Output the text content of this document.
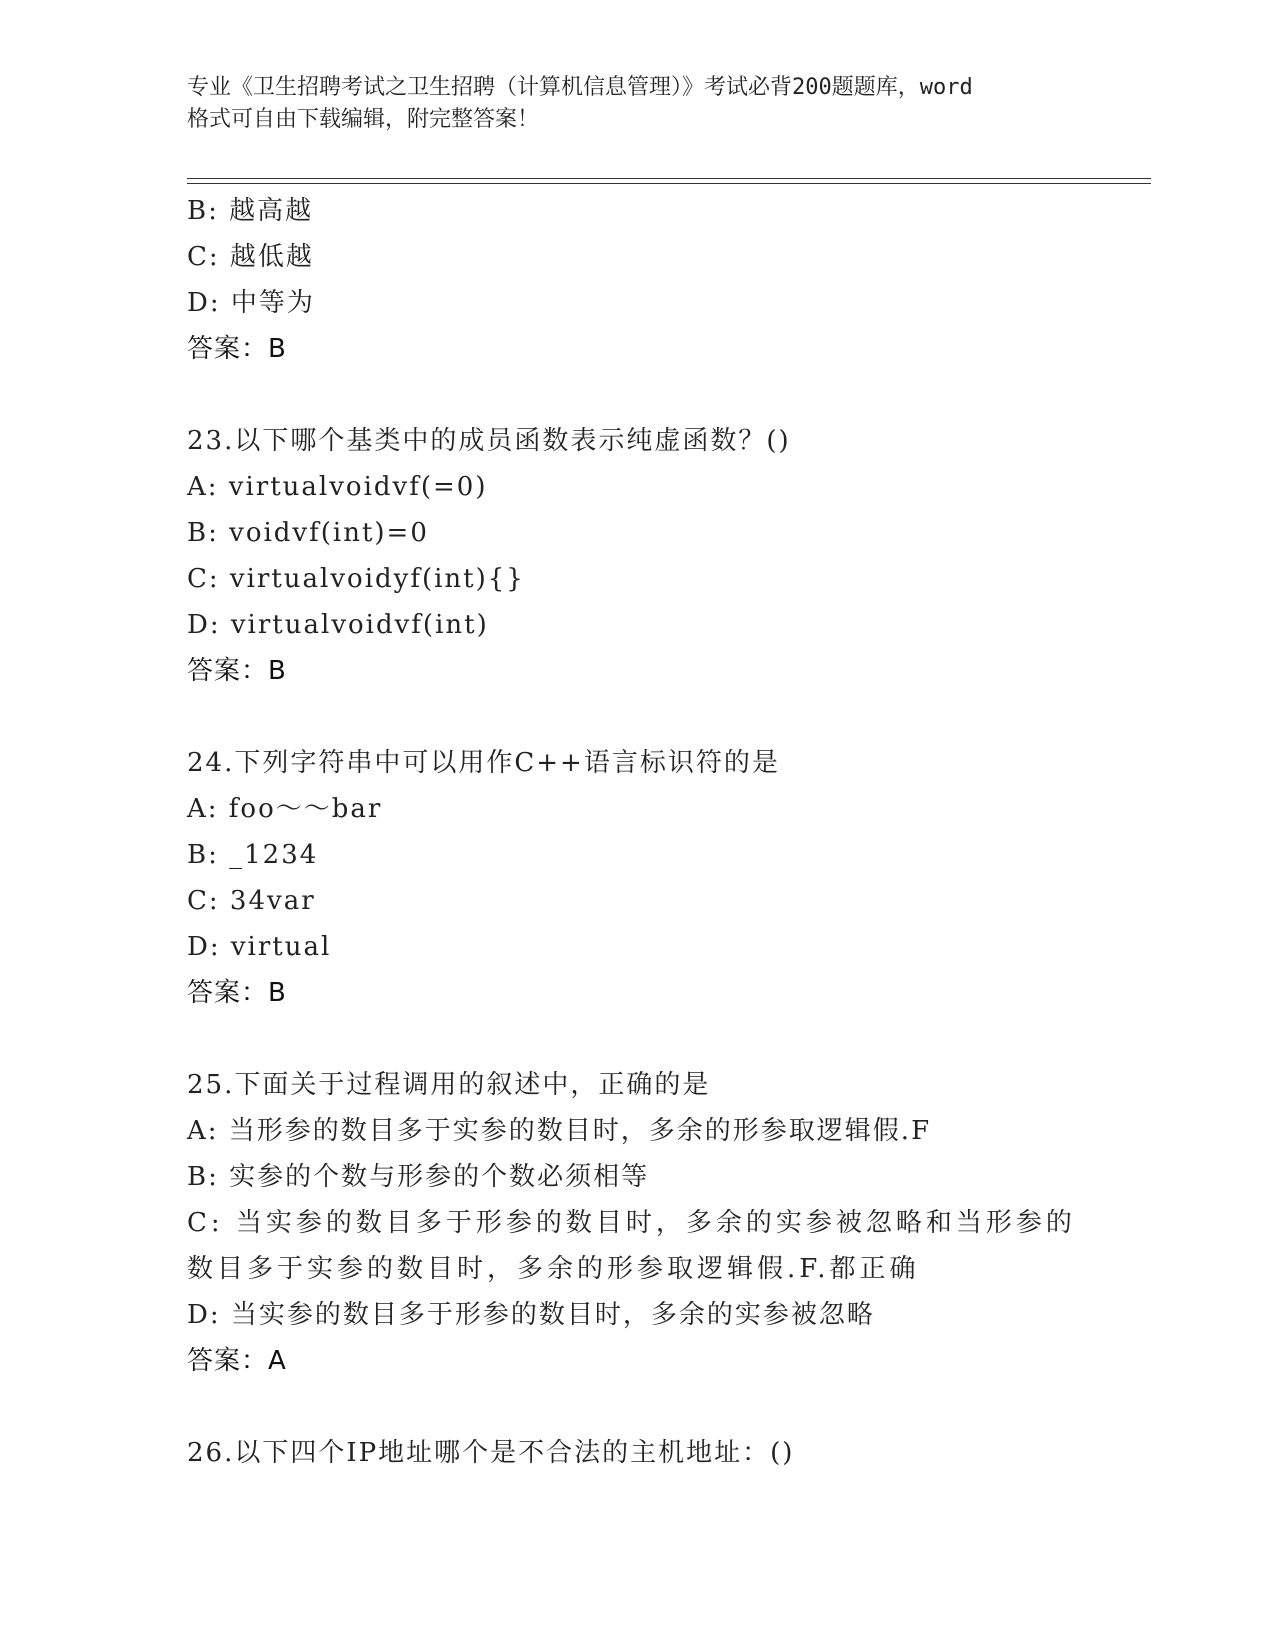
专业《卫生招聘考试之卫生招聘（计算机信息管理）》考试必背200题题库，word
格式可自由下载编辑，附完整答案！
B: 越高越
C: 越低越
D: 中等为
答案：B
23.以下哪个基类中的成员函数表示纯虚函数？()
A: virtualvoidvf(=0)
B: voidvf(int)=0
C: virtualvoidyf(int){}
D: virtualvoidvf(int)
答案：B
24.下列字符串中可以用作C++语言标识符的是
A: foo～～bar
B: _1234
C: 34var
D: virtual
答案：B
25.下面关于过程调用的叙述中，正确的是
A: 当形参的数目多于实参的数目时，多余的形参取逻辑假.F
B: 实参的个数与形参的个数必须相等
C: 当实参的数目多于形参的数目时，多余的实参被忽略和当形参的数目多于实参的数目时，多余的形参取逻辑假.F.都正确
D: 当实参的数目多于形参的数目时，多余的实参被忽略
答案：A
26.以下四个IP地址哪个是不合法的主机地址：()
